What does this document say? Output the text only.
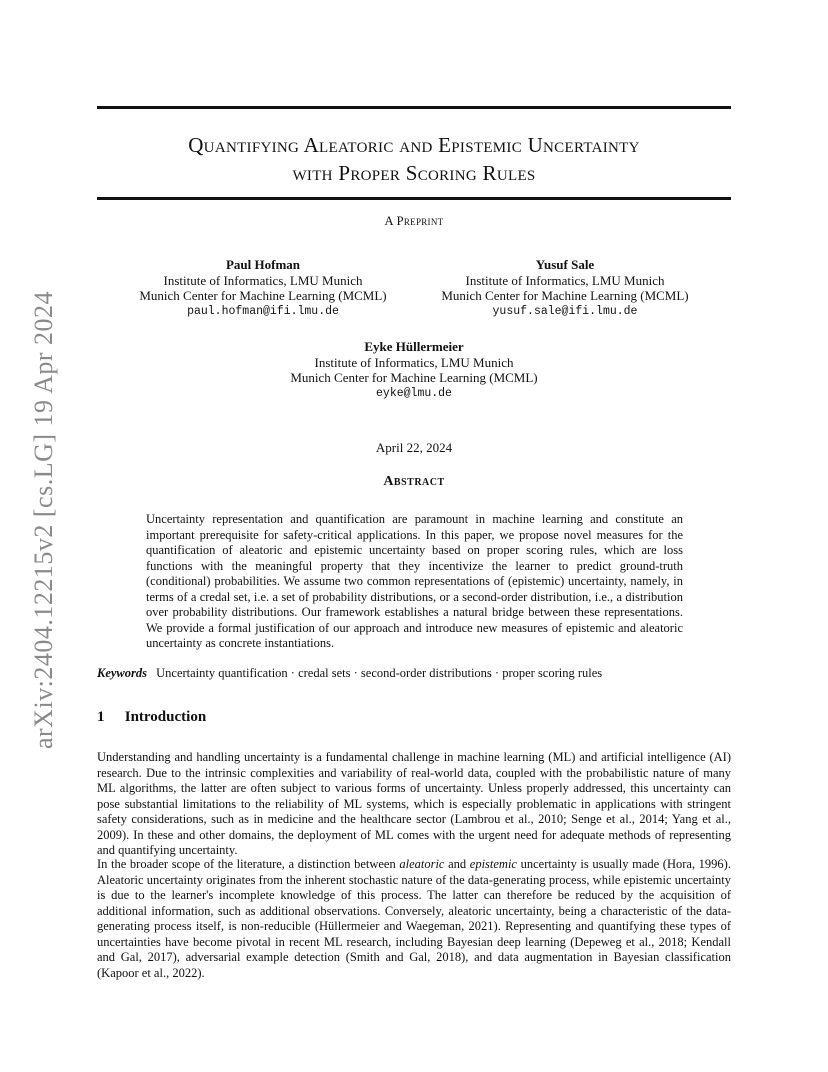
arXiv:2404.12215v2 [cs.LG] 19 Apr 2024
Quantifying Aleatoric and Epistemic Uncertainty
with Proper Scoring Rules
A Preprint
Paul Hofman
Institute of Informatics, LMU Munich
Munich Center for Machine Learning (MCML)
paul.hofman@ifi.lmu.de
Yusuf Sale
Institute of Informatics, LMU Munich
Munich Center for Machine Learning (MCML)
yusuf.sale@ifi.lmu.de
Eyke Hüllermeier
Institute of Informatics, LMU Munich
Munich Center for Machine Learning (MCML)
eyke@lmu.de
April 22, 2024
Abstract
Uncertainty representation and quantification are paramount in machine learning and constitute an important prerequisite for safety-critical applications. In this paper, we propose novel measures for the quantification of aleatoric and epistemic uncertainty based on proper scoring rules, which are loss functions with the meaningful property that they incentivize the learner to predict ground-truth (conditional) probabilities. We assume two common representations of (epistemic) uncertainty, namely, in terms of a credal set, i.e. a set of probability distributions, or a second-order distribution, i.e., a distribution over probability distributions. Our framework establishes a natural bridge between these representations. We provide a formal justification of our approach and introduce new measures of epistemic and aleatoric uncertainty as concrete instantiations.
Keywords Uncertainty quantification · credal sets · second-order distributions · proper scoring rules
1 Introduction
Understanding and handling uncertainty is a fundamental challenge in machine learning (ML) and artificial intelligence (AI) research. Due to the intrinsic complexities and variability of real-world data, coupled with the probabilistic nature of many ML algorithms, the latter are often subject to various forms of uncertainty. Unless properly addressed, this uncertainty can pose substantial limitations to the reliability of ML systems, which is especially problematic in applications with stringent safety considerations, such as in medicine and the healthcare sector (Lambrou et al., 2010; Senge et al., 2014; Yang et al., 2009). In these and other domains, the deployment of ML comes with the urgent need for adequate methods of representing and quantifying uncertainty.
In the broader scope of the literature, a distinction between aleatoric and epistemic uncertainty is usually made (Hora, 1996). Aleatoric uncertainty originates from the inherent stochastic nature of the data-generating process, while epistemic uncertainty is due to the learner's incomplete knowledge of this process. The latter can therefore be reduced by the acquisition of additional information, such as additional observations. Conversely, aleatoric uncertainty, being a characteristic of the data-generating process itself, is non-reducible (Hüllermeier and Waegeman, 2021). Representing and quantifying these types of uncertainties have become pivotal in recent ML research, including Bayesian deep learning (Depeweg et al., 2018; Kendall and Gal, 2017), adversarial example detection (Smith and Gal, 2018), and data augmentation in Bayesian classification (Kapoor et al., 2022).
